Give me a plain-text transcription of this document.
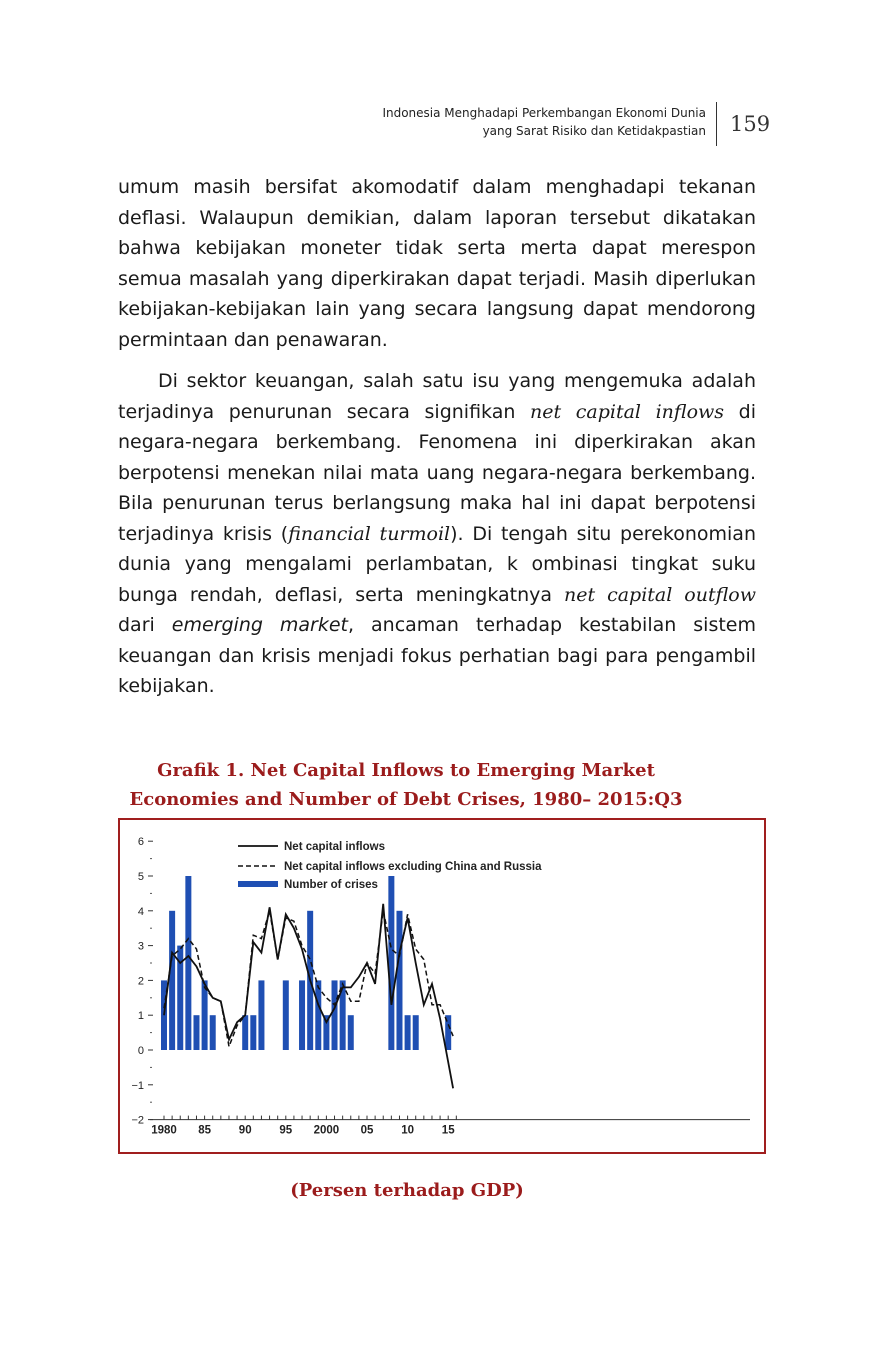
Indonesia Menghadapi Perkembangan Ekonomi Dunia
yang Sarat Risiko dan Ketidakpastian 159

umum masih bersifat akomodatif dalam menghadapi tekanan deflasi. Walaupun demikian, dalam laporan tersebut dikatakan bahwa kebijakan moneter tidak serta merta dapat merespon semua masalah yang diperkirakan dapat terjadi. Masih diperlukan kebijakan-kebijakan lain yang secara langsung dapat mendorong permintaan dan penawaran.

Di sektor keuangan, salah satu isu yang mengemuka adalah terjadinya penurunan secara signifikan net capital inflows di negara-negara berkembang. Fenomena ini diperkirakan akan berpotensi menekan nilai mata uang negara-negara berkembang. Bila penurunan terus berlangsung maka hal ini dapat berpotensi terjadinya krisis (financial turmoil). Di tengah situ perekonomian dunia yang mengalami perlambatan, k ombinasi tingkat suku bunga rendah, deflasi, serta meningkatnya net capital outflow dari emerging market, ancaman terhadap kestabilan sistem keuangan dan krisis menjadi fokus perhatian bagi para pengambil kebijakan.

Grafik 1. Net Capital Inflows to Emerging Market
Economies and Number of Debt Crises, 1980– 2015:Q3
−2
−1
0
1
2
3
4
5
6
1980 85 90 95 2000 05 10 15
Net capital inflows
Net capital inflows excluding China and Russia
Number of crises
(Persen terhadap GDP)
